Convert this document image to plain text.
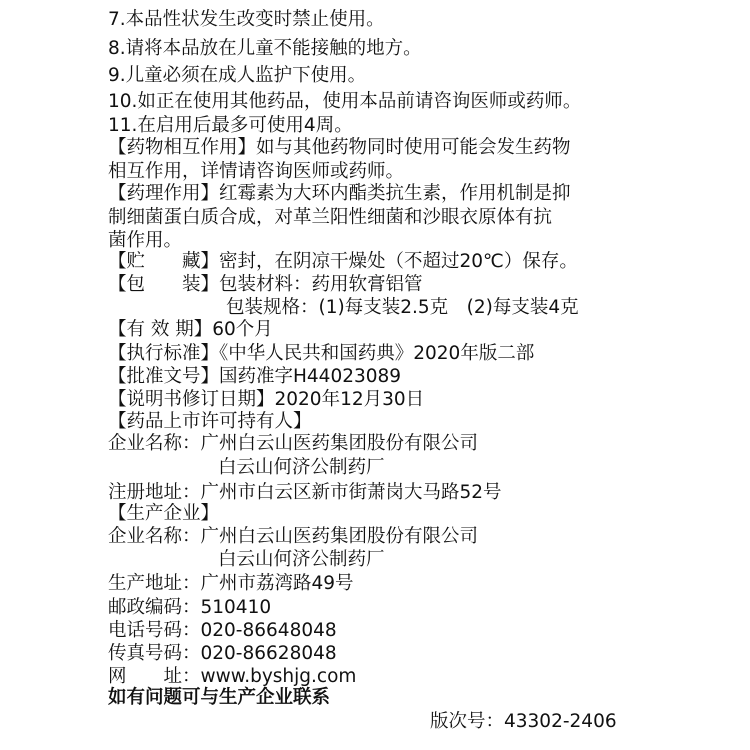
7.本品性状发生改变时禁止使用。
8.请将本品放在儿童不能接触的地方。
9.儿童必须在成人监护下使用。
10.如正在使用其他药品，使用本品前请咨询医师或药师。
11.在启用后最多可使用4周。
【药物相互作用】如与其他药物同时使用可能会发生药物
相互作用，详情请咨询医师或药师。
【药理作用】红霉素为大环内酯类抗生素，作用机制是抑
制细菌蛋白质合成，对革兰阳性细菌和沙眼衣原体有抗
菌作用。
【贮　　藏】密封，在阴凉干燥处（不超过20℃）保存。
【包　　装】包装材料：药用软膏铝管
包装规格：(1)每支装2.5克　(2)每支装4克
【有 效 期】60个月
【执行标准】《中华人民共和国药典》2020年版二部
【批准文号】国药准字H44023089
【说明书修订日期】2020年12月30日
【药品上市许可持有人】
企业名称：广州白云山医药集团股份有限公司
白云山何济公制药厂
注册地址：广州市白云区新市街萧岗大马路52号
【生产企业】
企业名称：广州白云山医药集团股份有限公司
白云山何济公制药厂
生产地址：广州市荔湾路49号
邮政编码：510410
电话号码：020-86648048
传真号码：020-86628048
网　　址：www.byshjg.com
如有问题可与生产企业联系
版次号：43302-2406
